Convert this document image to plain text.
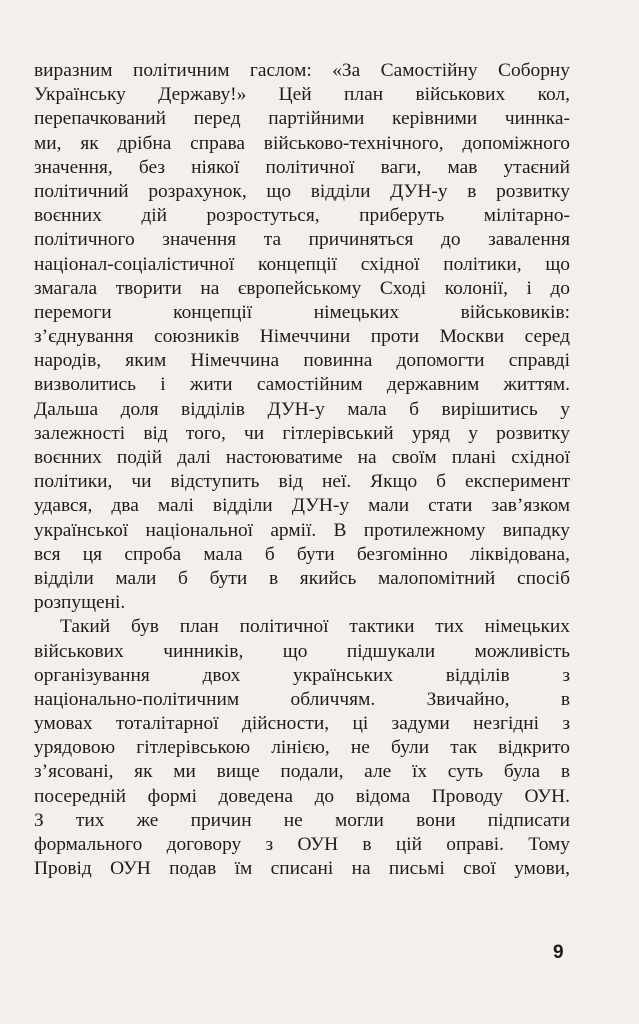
виразним політичним гаслом: «За Самостійну Соборну
Українську Державу!» Цей план військових кол,
перепачкований перед партійними керівними чиннка-
ми, як дрібна справа військово-технічного, допоміжного
значення, без ніякої політичної ваги, мав утаєний
політичний розрахунок, що відділи ДУН-у в розвитку
воєнних дій розростуться, приберуть мілітарно-
політичного значення та причиняться до завалення
націонал-соціалістичної концепції східної політики, що
змагала творити на європейському Сході колонії, і до
перемоги концепції німецьких військовиків:
з’єднування союзників Німеччини проти Москви серед
народів, яким Німеччина повинна допомогти справді
визволитись і жити самостійним державним життям.
Дальша доля відділів ДУН-у мала б вирішитись у
залежності від того, чи гітлерівський уряд у розвитку
воєнних подій далі настоюватиме на своїм плані східної
політики, чи відступить від неї. Якщо б експеримент
удався, два малі відділи ДУН-у мали стати зав’язком
української національної армії. В протилежному випадку
вся ця спроба мала б бути безгомінно ліквідована,
відділи мали б бути в якийсь малопомітний спосіб
розпущені.
Такий був план політичної тактики тих німецьких
військових чинників, що підшукали можливість
організування двох українських відділів з
національно-політичним обличчям. Звичайно, в
умовах тоталітарної дійсности, ці задуми незгідні з
урядовою гітлерівською лінією, не були так відкрито
з’ясовані, як ми вище подали, але їх суть була в
посередній формі доведена до відома Проводу ОУН.
З тих же причин не могли вони підписати
формального договору з ОУН в цій оправі. Тому
Провід ОУН подав їм списані на письмі свої умови,
9
